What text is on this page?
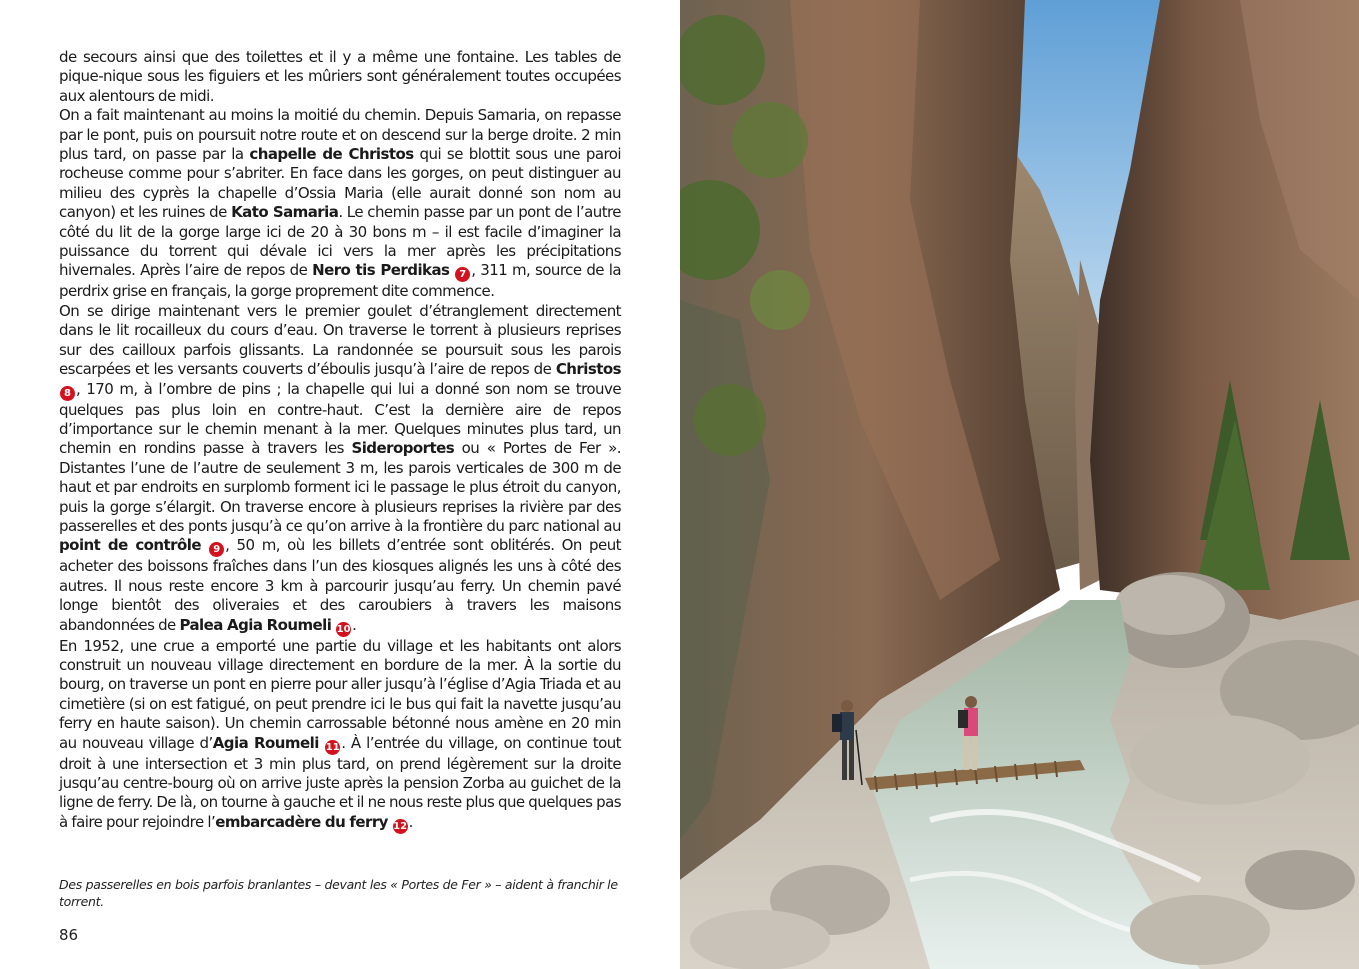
de secours ainsi que des toilettes et il y a même une fontaine. Les tables de pique-nique sous les figuiers et les mûriers sont généralement toutes occupées aux alentours de midi.

On a fait maintenant au moins la moitié du chemin. Depuis Samaria, on repasse par le pont, puis on poursuit notre route et on descend sur la berge droite. 2 min plus tard, on passe par la chapelle de Christos qui se blottit sous une paroi rocheuse comme pour s’abriter. En face dans les gorges, on peut distinguer au milieu des cyprès la chapelle d’Ossia Maria (elle aurait donné son nom au canyon) et les ruines de Kato Samaria. Le chemin passe par un pont de l’autre côté du lit de la gorge large ici de 20 à 30 bons m – il est facile d’imaginer la puissance du torrent qui dévale ici vers la mer après les précipitations hivernales. Après l’aire de repos de Nero tis Perdikas 7 , 311 m, source de la perdrix grise en français, la gorge proprement dite commence.

On se dirige maintenant vers le premier goulet d’étranglement directement dans le lit rocailleux du cours d’eau. On traverse le torrent à plusieurs reprises sur des cailloux parfois glissants. La randonnée se poursuit sous les parois escarpées et les versants couverts d’éboulis jusqu’à l’aire de repos de Christos 8 , 170 m, à l’ombre de pins ; la chapelle qui lui a donné son nom se trouve quelques pas plus loin en contre-haut. C’est la dernière aire de repos d’importance sur le chemin menant à la mer. Quelques minutes plus tard, un chemin en rondins passe à travers les Sideroportes ou « Portes de Fer ». Distantes l’une de l’autre de seulement 3 m, les parois verticales de 300 m de haut et par endroits en surplomb forment ici le passage le plus étroit du canyon, puis la gorge s’élargit. On traverse encore à plusieurs reprises la rivière par des passerelles et des ponts jusqu’à ce qu’on arrive à la frontière du parc national au point de contrôle 9 , 50 m, où les billets d’entrée sont oblitérés. On peut acheter des boissons fraîches dans l’un des kiosques alignés les uns à côté des autres. Il nous reste encore 3 km à parcourir jusqu’au ferry. Un chemin pavé longe bientôt des oliveraies et des caroubiers à travers les maisons abandonnées de Palea Agia Roumeli 10 .

En 1952, une crue a emporté une partie du village et les habitants ont alors construit un nouveau village directement en bordure de la mer. À la sortie du bourg, on traverse un pont en pierre pour aller jusqu’à l’église d’Agia Triada et au cimetière (si on est fatigué, on peut prendre ici le bus qui fait la navette jusqu’au ferry en haute saison). Un chemin carrossable bétonné nous amène en 20 min au nouveau village d’Agia Roumeli 11 . À l’entrée du village, on continue tout droit à une intersection et 3 min plus tard, on prend légèrement sur la droite jusqu’au centre-bourg où on arrive juste après la pension Zorba au guichet de la ligne de ferry. De là, on tourne à gauche et il ne nous reste plus que quelques pas à faire pour rejoindre l’embarcadère du ferry 12 .

Des passerelles en bois parfois branlantes – devant les « Portes de Fer » – aident à franchir le torrent.
86
